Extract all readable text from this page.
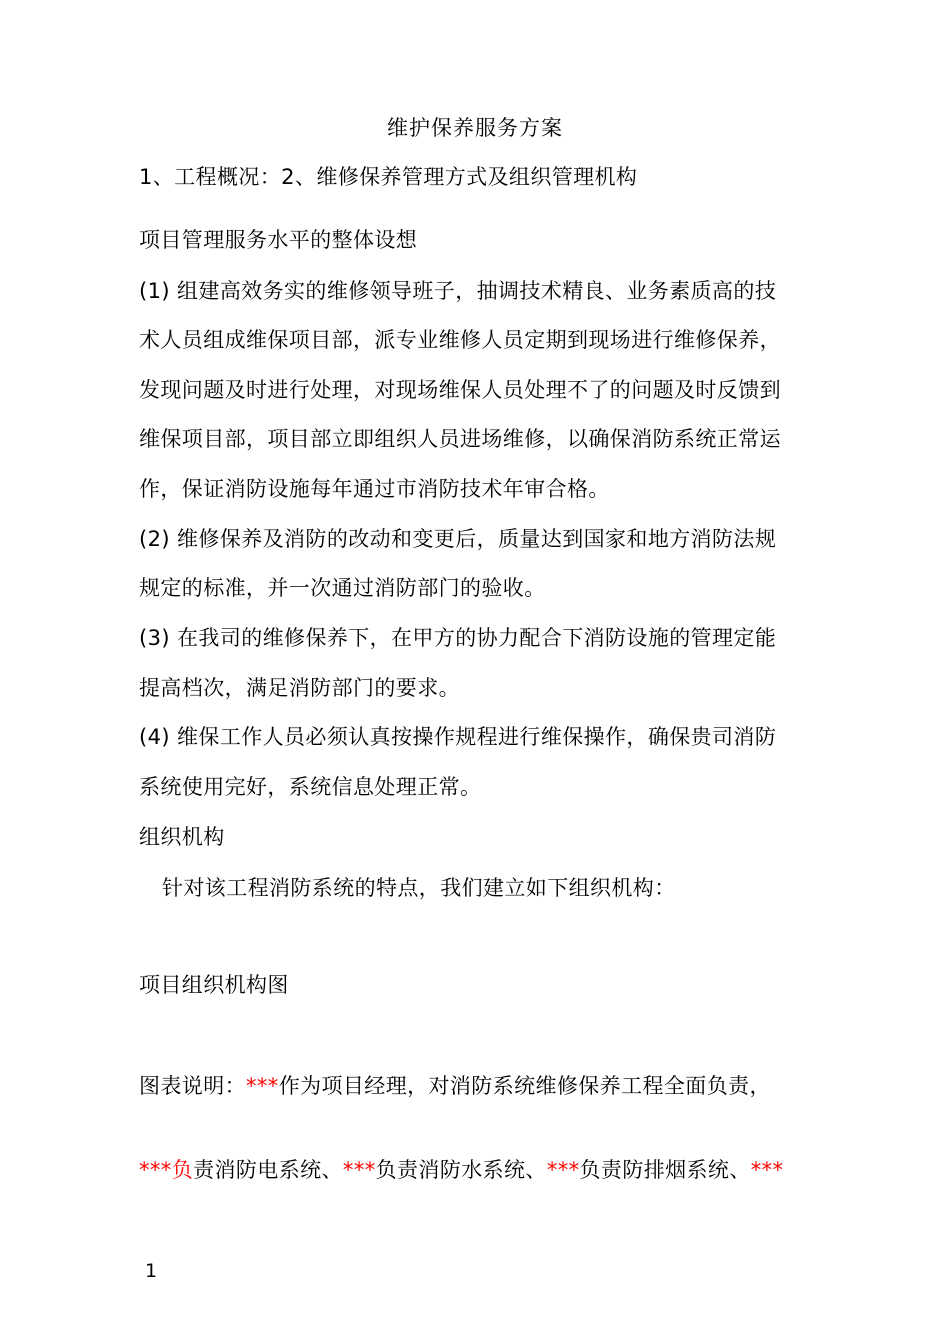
维护保养服务方案
1、工程概况：2、维修保养管理方式及组织管理机构
项目管理服务水平的整体设想
(1) 组建高效务实的维修领导班子，抽调技术精良、业务素质高的技
术人员组成维保项目部，派专业维修人员定期到现场进行维修保养，
发现问题及时进行处理，对现场维保人员处理不了的问题及时反馈到
维保项目部，项目部立即组织人员进场维修，以确保消防系统正常运
作，保证消防设施每年通过市消防技术年审合格。
(2) 维修保养及消防的改动和变更后，质量达到国家和地方消防法规
规定的标准，并一次通过消防部门的验收。
(3) 在我司的维修保养下，在甲方的协力配合下消防设施的管理定能
提高档次，满足消防部门的要求。
(4) 维保工作人员必须认真按操作规程进行维保操作，确保贵司消防
系统使用完好，系统信息处理正常。
组织机构
针对该工程消防系统的特点，我们建立如下组织机构：
项目组织机构图
图表说明：***作为项目经理，对消防系统维修保养工程全面负责，
***负责消防电系统、***负责消防水系统、***负责防排烟系统、***
1
